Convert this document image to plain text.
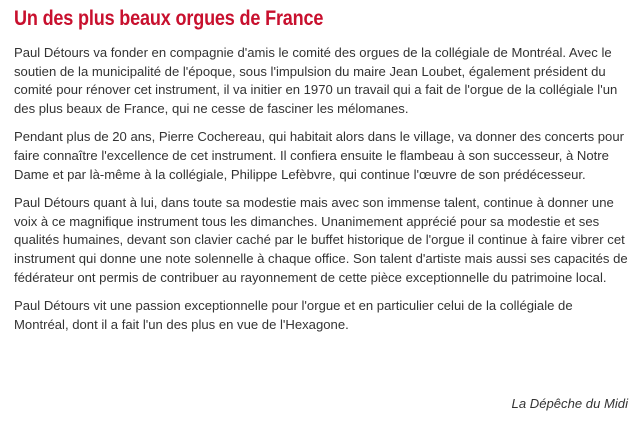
Un des plus beaux orgues de France

Paul Détours va fonder en compagnie d'amis le comité des orgues de la collégiale de Montréal. Avec le soutien de la municipalité de l'époque, sous l'impulsion du maire Jean Loubet, également président du comité pour rénover cet instrument, il va initier en 1970 un travail qui a fait de l'orgue de la collégiale l'un des plus beaux de France, qui ne cesse de fasciner les mélomanes.

Pendant plus de 20 ans, Pierre Cochereau, qui habitait alors dans le village, va donner des concerts pour faire connaître l'excellence de cet instrument. Il confiera ensuite le flambeau à son successeur, à Notre Dame et par là-même à la collégiale, Philippe Lefèbvre, qui continue l'œuvre de son prédécesseur.

Paul Détours quant à lui, dans toute sa modestie mais avec son immense talent, continue à donner une voix à ce magnifique instrument tous les dimanches. Unanimement apprécié pour sa modestie et ses qualités humaines, devant son clavier caché par le buffet historique de l'orgue il continue à faire vibrer cet instrument qui donne une note solennelle à chaque office. Son talent d'artiste mais aussi ses capacités de fédérateur ont permis de contribuer au rayonnement de cette pièce exceptionnelle du patrimoine local.

Paul Détours vit une passion exceptionnelle pour l'orgue et en particulier celui de la collégiale de Montréal, dont il a fait l'un des plus en vue de l'Hexagone.

La Dépêche du Midi
